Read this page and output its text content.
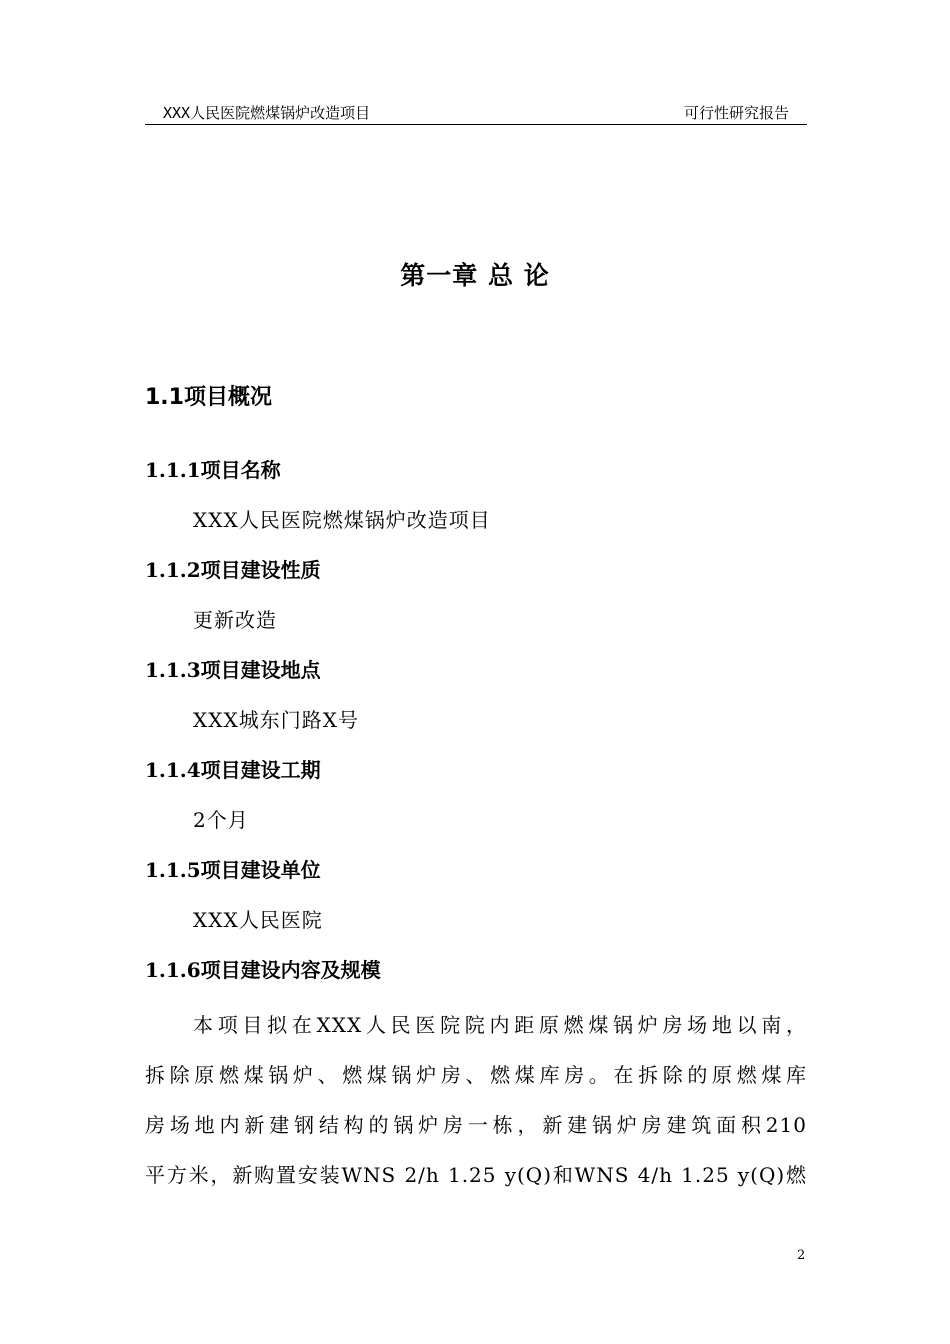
XXX人民医院燃煤锅炉改造项目	可行性研究报告
第一章 总 论
1.1项目概况
1.1.1项目名称
XXX人民医院燃煤锅炉改造项目
1.1.2项目建设性质
更新改造
1.1.3项目建设地点
XXX城东门路X号
1.1.4项目建设工期
2个月
1.1.5项目建设单位
XXX人民医院
1.1.6项目建设内容及规模
本项目拟在XXX人民医院院内距原燃煤锅炉房场地以南，
拆除原燃煤锅炉、燃煤锅炉房、燃煤库房。在拆除的原燃煤库
房场地内新建钢结构的锅炉房一栋，新建锅炉房建筑面积210
平方米，新购置安装WNS 2/h 1.25 y(Q)和WNS 4/h 1.25 y(Q)燃
2
